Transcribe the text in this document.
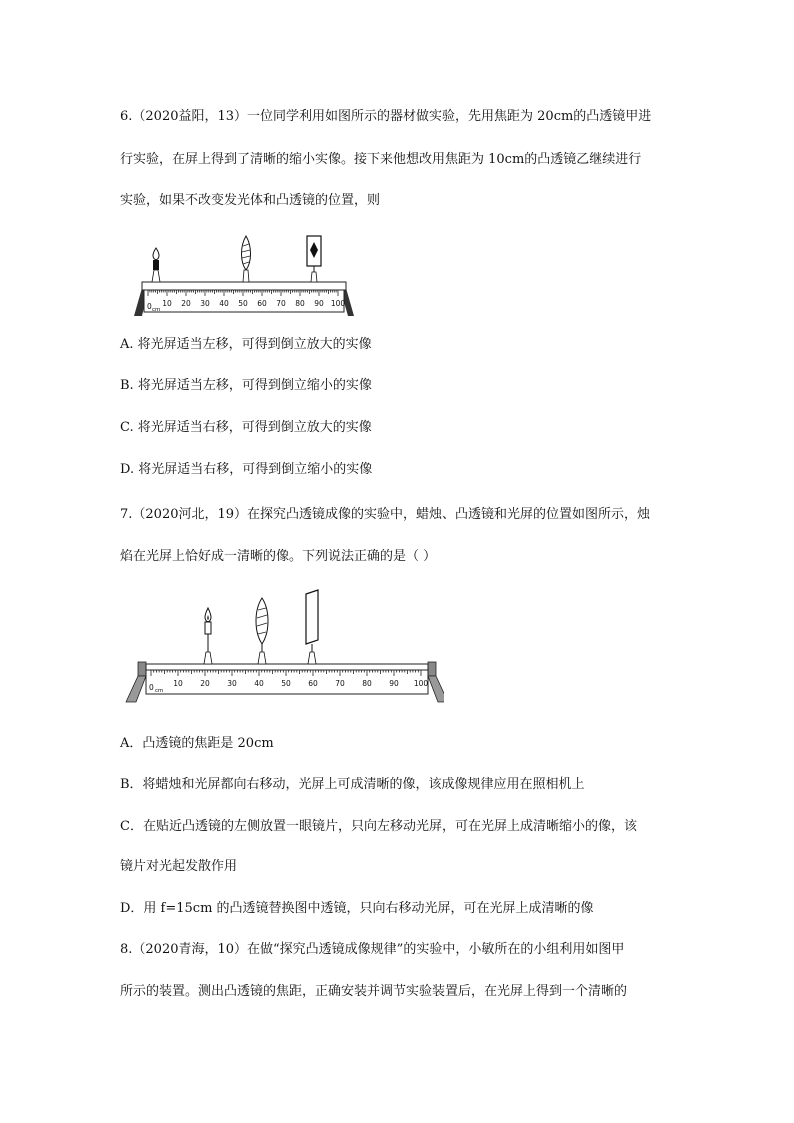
6.（2020益阳，13）一位同学利用如图所示的器材做实验，先用焦距为 20cm的凸透镜甲进
行实验，在屏上得到了清晰的缩小实像。接下来他想改用焦距为 10cm的凸透镜乙继续进行
实验，如果不改变发光体和凸透镜的位置，则
0 cm
10 20 30 40 50 60 70 80 90 100
A. 将光屏适当左移，可得到倒立放大的实像
B. 将光屏适当左移，可得到倒立缩小的实像
C. 将光屏适当右移，可得到倒立放大的实像
D. 将光屏适当右移，可得到倒立缩小的实像
7.（2020河北，19）在探究凸透镜成像的实验中，蜡烛、凸透镜和光屏的位置如图所示，烛
焰在光屏上恰好成一清晰的像。下列说法正确的是（ ）
0 cm
10 20 30 40 50 60 70 80 90 100
A．凸透镜的焦距是 20cm
B．将蜡烛和光屏都向右移动，光屏上可成清晰的像，该成像规律应用在照相机上
C．在贴近凸透镜的左侧放置一眼镜片，只向左移动光屏，可在光屏上成清晰缩小的像，该
镜片对光起发散作用
D．用 f=15cm 的凸透镜替换图中透镜，只向右移动光屏，可在光屏上成清晰的像
8.（2020青海，10）在做“探究凸透镜成像规律”的实验中，小敏所在的小组利用如图甲
所示的装置。测出凸透镜的焦距，正确安装并调节实验装置后，在光屏上得到一个清晰的
